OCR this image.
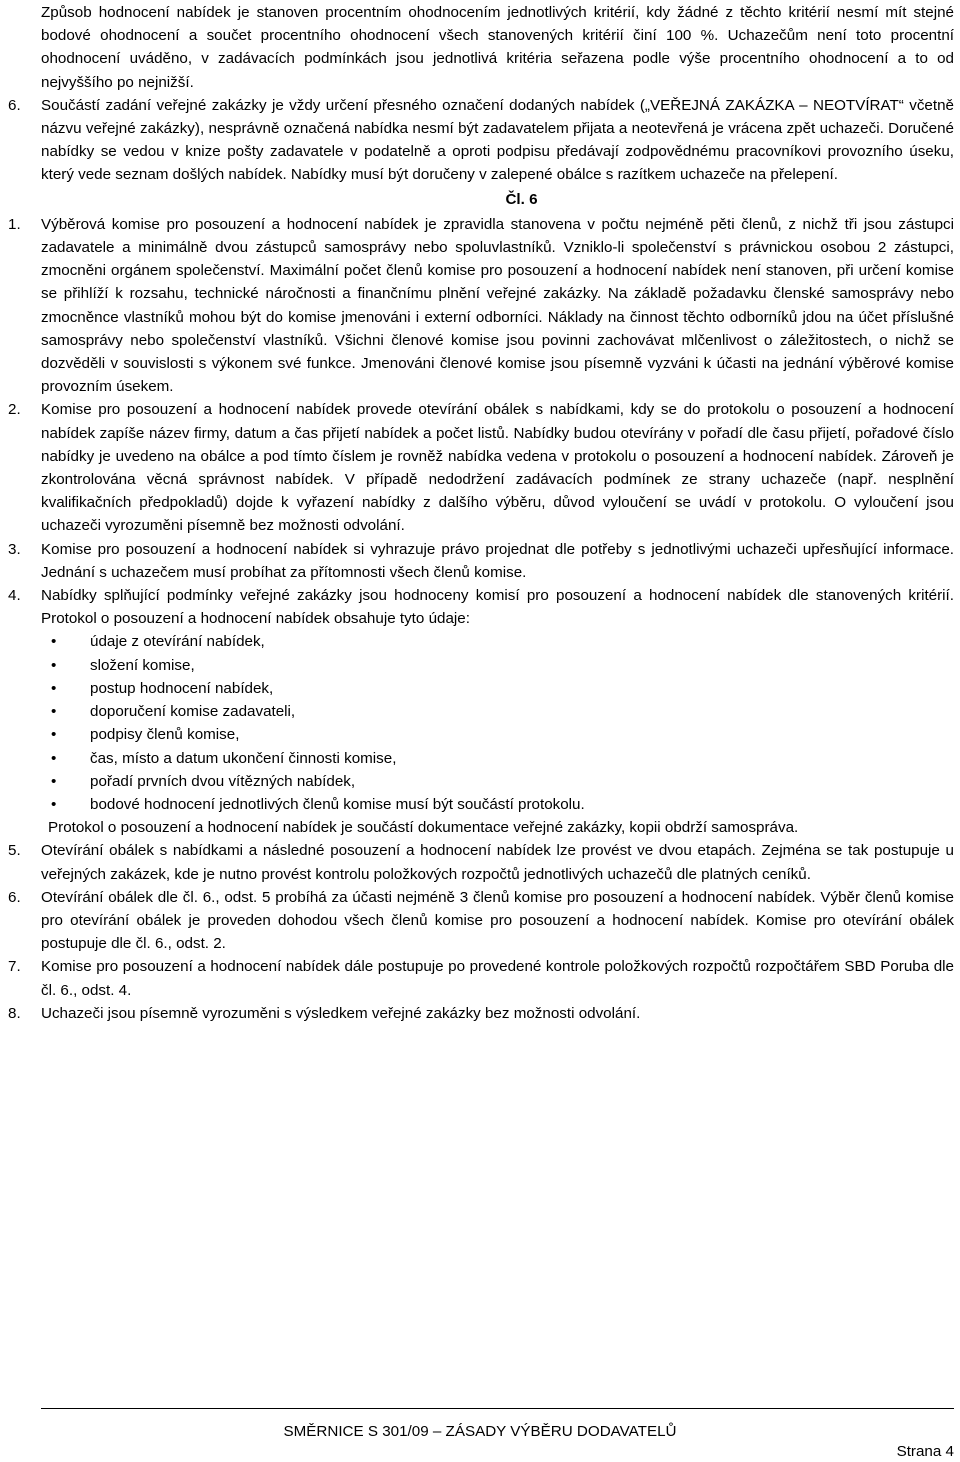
Způsob hodnocení nabídek je stanoven procentním ohodnocením jednotlivých kritérií, kdy žádné z těchto kritérií nesmí mít stejné bodové ohodnocení a součet procentního ohodnocení všech stanovených kritérií činí 100 %. Uchazečům není toto procentní ohodnocení uváděno, v zadávacích podmínkách jsou jednotlivá kritéria seřazena podle výše procentního ohodnocení a to od nejvyššího po nejnižší.

6. Součástí zadání veřejné zakázky je vždy určení přesného označení dodaných nabídek („VEŘEJNÁ ZAKÁZKA – NEOTVÍRAT“ včetně názvu veřejné zakázky), nesprávně označená nabídka nesmí být zadavatelem přijata a neotevřená je vrácena zpět uchazeči. Doručené nabídky se vedou v knize pošty zadavatele v podatelně a oproti podpisu předávají zodpovědnému pracovníkovi provozního úseku, který vede seznam došlých nabídek. Nabídky musí být doručeny v zalepené obálce s razítkem uchazeče na přelepení.
Čl. 6
1. Výběrová komise pro posouzení a hodnocení nabídek je zpravidla stanovena v počtu nejméně pěti členů, z nichž tři jsou zástupci zadavatele a minimálně dvou zástupců samosprávy nebo spoluvlastníků. Vzniklo-li společenství s právnickou osobou 2 zástupci, zmocněni orgánem společenství. Maximální počet členů komise pro posouzení a hodnocení nabídek není stanoven, při určení komise se přihlíží k rozsahu, technické náročnosti a finančnímu plnění veřejné zakázky. Na základě požadavku členské samosprávy nebo zmocněnce vlastníků mohou být do komise jmenováni i externí odborníci. Náklady na činnost těchto odborníků jdou na účet příslušné samosprávy nebo společenství vlastníků. Všichni členové komise jsou povinni zachovávat mlčenlivost o záležitostech, o nichž se dozvěděli v souvislosti s výkonem své funkce. Jmenováni členové komise jsou písemně vyzváni k účasti na jednání výběrové komise provozním úsekem.
2. Komise pro posouzení a hodnocení nabídek provede otevírání obálek s nabídkami, kdy se do protokolu o posouzení a hodnocení nabídek zapíše název firmy, datum a čas přijetí nabídek a počet listů. Nabídky budou otevírány v pořadí dle času přijetí, pořadové číslo nabídky je uvedeno na obálce a pod tímto číslem je rovněž nabídka vedena v protokolu o posouzení a hodnocení nabídek. Zároveň je zkontrolována věcná správnost nabídek. V případě nedodržení zadávacích podmínek ze strany uchazeče (např. nesplnění kvalifikačních předpokladů) dojde k vyřazení nabídky z dalšího výběru, důvod vyloučení se uvádí v protokolu. O vyloučení jsou uchazeči vyrozuměni písemně bez možnosti odvolání.
3. Komise pro posouzení a hodnocení nabídek si vyhrazuje právo projednat dle potřeby s jednotlivými uchazeči upřesňující informace. Jednání s uchazečem musí probíhat za přítomnosti všech členů komise.
4. Nabídky splňující podmínky veřejné zakázky jsou hodnoceny komisí pro posouzení a hodnocení nabídek dle stanovených kritérií. Protokol o posouzení a hodnocení nabídek obsahuje tyto údaje:
• údaje z otevírání nabídek,
• složení komise,
• postup hodnocení nabídek,
• doporučení komise zadavateli,
• podpisy členů komise,
• čas, místo a datum ukončení činnosti komise,
• pořadí prvních dvou vítězných nabídek,
• bodové hodnocení jednotlivých členů komise musí být součástí protokolu.

Protokol o posouzení a hodnocení nabídek je součástí dokumentace veřejné zakázky, kopii obdrží samospráva.

5. Otevírání obálek s nabídkami a následné posouzení a hodnocení nabídek lze provést ve dvou etapách. Zejména se tak postupuje u veřejných zakázek, kde je nutno provést kontrolu položkových rozpočtů jednotlivých uchazečů dle platných ceníků.
6. Otevírání obálek dle čl. 6., odst. 5 probíhá za účasti nejméně 3 členů komise pro posouzení a hodnocení nabídek. Výběr členů komise pro otevírání obálek je proveden dohodou všech členů komise pro posouzení a hodnocení nabídek. Komise pro otevírání obálek postupuje dle čl. 6., odst. 2.
7. Komise pro posouzení a hodnocení nabídek dále postupuje po provedené kontrole položkových rozpočtů rozpočtářem SBD Poruba dle čl. 6., odst. 4.
8. Uchazeči jsou písemně vyrozuměni s výsledkem veřejné zakázky bez možnosti odvolání.
SMĚRNICE S 301/09 – ZÁSADY VÝBĚRU DODAVATELŮ
Strana 4
